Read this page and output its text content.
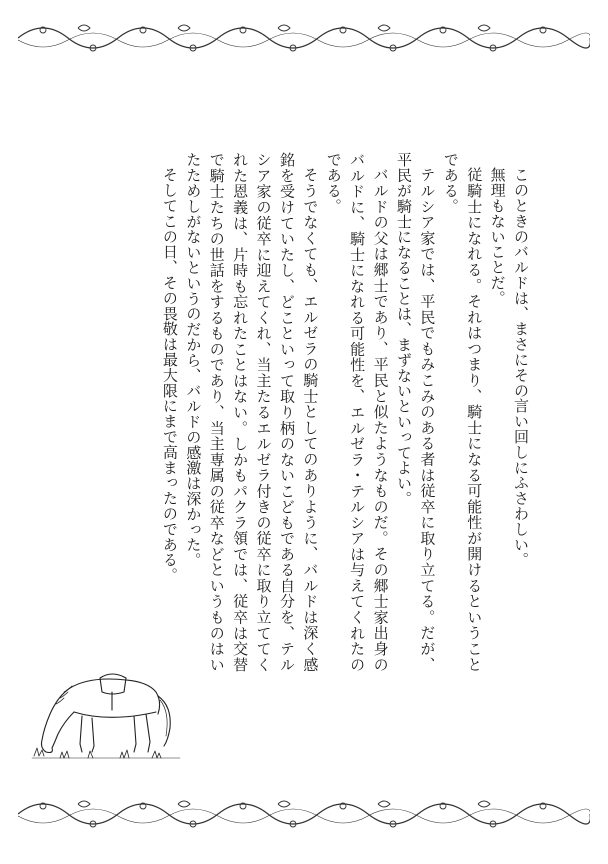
このときのバルドは、まさにその言い回しにふさわしい。

無理もないことだ。

従騎士になれる。それはつまり、騎士になる可能性が開けるということである。

テルシア家では、平民でもみこみのある者は従卒に取り立てる。だが、平民が騎士になることは、まずないといってよい。

バルドの父は郷士であり、平民と似たようなものだ。その郷士家出身のバルドに、騎士になれる可能性を、エルゼラ・テルシアは与えてくれたのである。

そうでなくても、エルゼラの騎士としてのありように、バルドは深く感銘を受けていたし、どこといって取り柄のないこどもである自分を、テルシア家の従卒に迎えてくれ、当主たるエルゼラ付きの従卒に取り立ててくれた恩義は、片時も忘れたことはない。しかもパクラ領では、従卒は交替で騎士たちの世話をするものであり、当主専属の従卒などというものはいたためしがないというのだから、バルドの感激は深かった。

そしてこの日、その畏敬は最大限にまで高まったのである。
